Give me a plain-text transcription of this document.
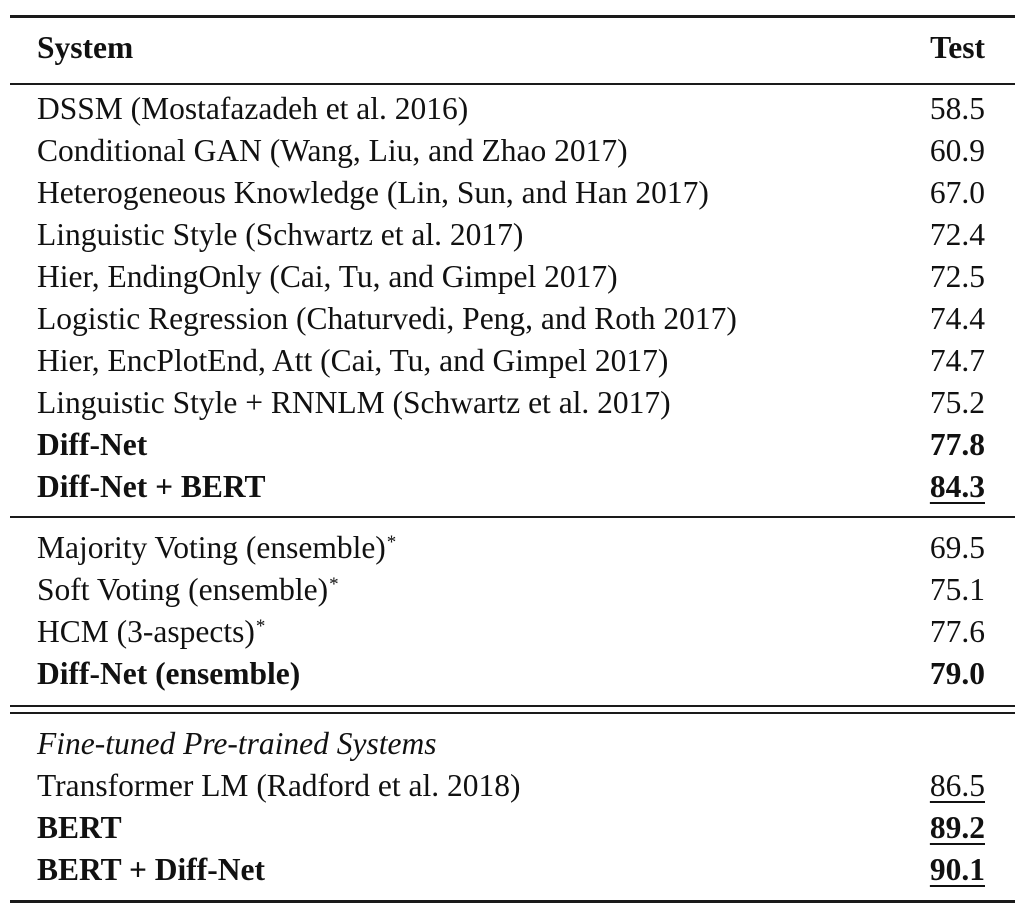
System	Test
DSSM (Mostafazadeh et al. 2016)	58.5
Conditional GAN (Wang, Liu, and Zhao 2017)	60.9
Heterogeneous Knowledge (Lin, Sun, and Han 2017)	67.0
Linguistic Style (Schwartz et al. 2017)	72.4
Hier, EndingOnly (Cai, Tu, and Gimpel 2017)	72.5
Logistic Regression (Chaturvedi, Peng, and Roth 2017)	74.4
Hier, EncPlotEnd, Att (Cai, Tu, and Gimpel 2017)	74.7
Linguistic Style + RNNLM (Schwartz et al. 2017)	75.2
Diff-Net	77.8
Diff-Net + BERT	84.3
Majority Voting (ensemble)*	69.5
Soft Voting (ensemble)*	75.1
HCM (3-aspects)*	77.6
Diff-Net (ensemble)	79.0
Fine-tuned Pre-trained Systems
Transformer LM (Radford et al. 2018)	86.5
BERT	89.2
BERT + Diff-Net	90.1
